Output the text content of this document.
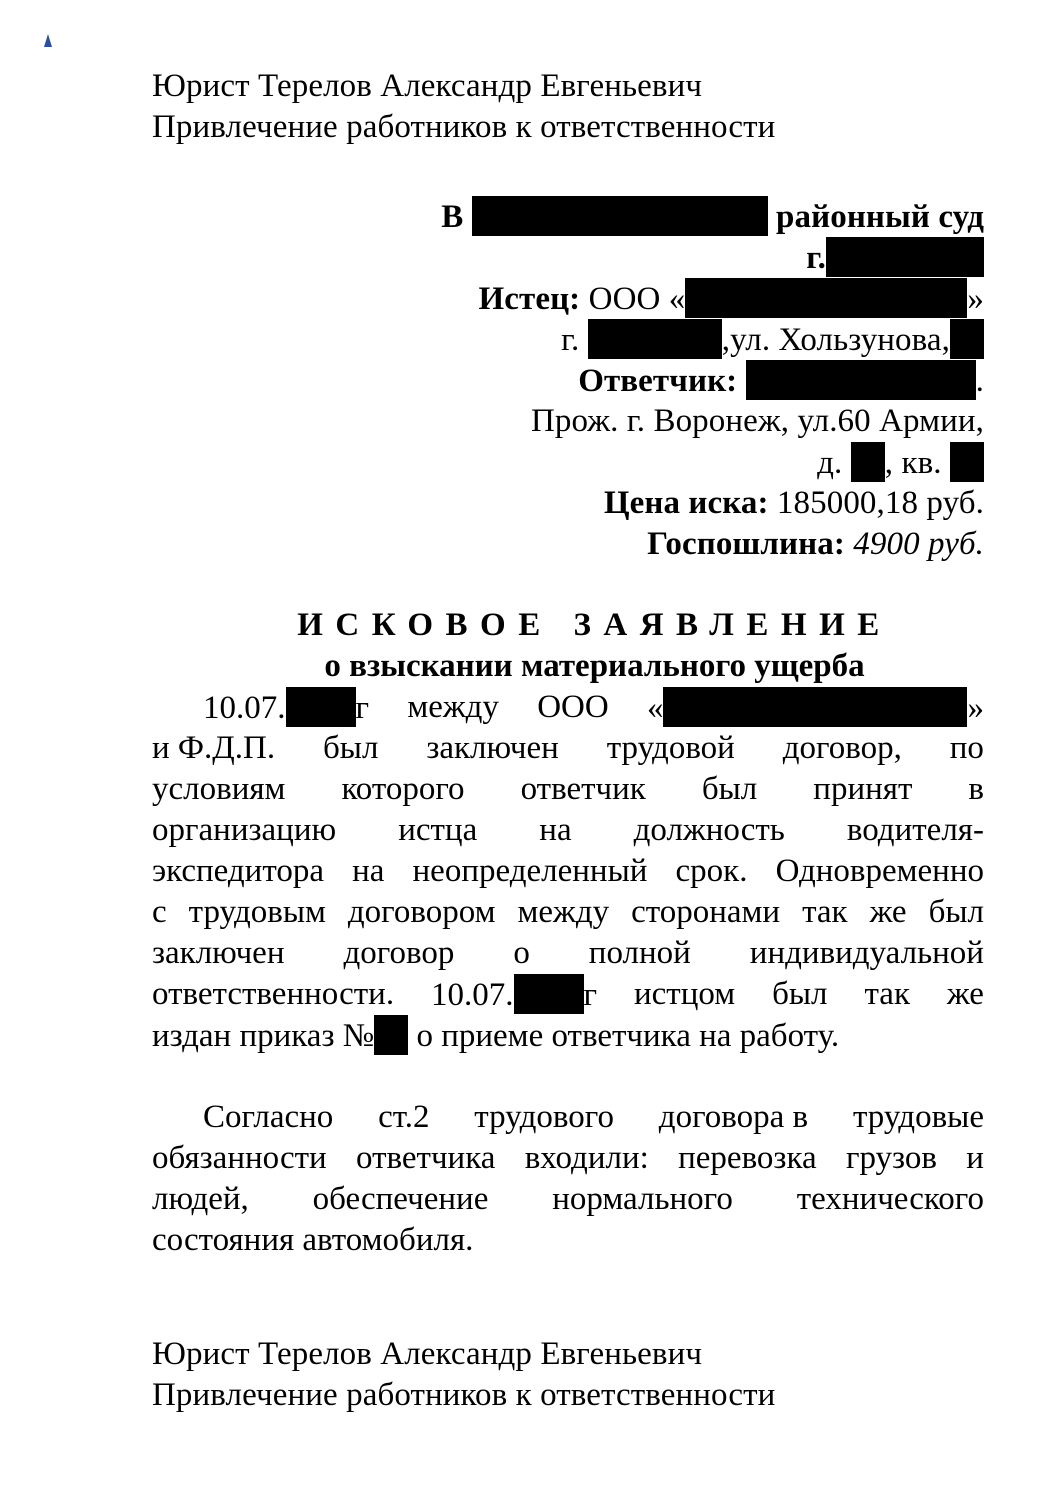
Юрист Терелов Александр Евгеньевич
Привлечение работников к ответственности
В	районный суд
г.
Истец: ООО «	»
г.	,ул. Хользунова,
Ответчик:	.
Прож. г. Воронеж, ул.60 Армии,
д. , кв.
Цена иска: 185000,18 руб.
Госпошлина: 4900 руб.
ИСКОВОЕ ЗАЯВЛЕНИЕ
о взыскании материального ущерба
10.07. г между ООО «	»
и Ф.Д.П. был заключен трудовой договор, по
условиям которого ответчик был принят в
организацию истца на должность водителя-
экспедитора на неопределенный срок. Одновременно
с трудовым договором между сторонами так же был
заключен договор о полной индивидуальной
ответственности. 10.07. г истцом был так же
издан приказ № о приеме ответчика на работу.
Согласно ст.2 трудового договора в трудовые
обязанности ответчика входили: перевозка грузов и
людей, обеспечение нормального технического
состояния автомобиля.
Юрист Терелов Александр Евгеньевич
Привлечение работников к ответственности
